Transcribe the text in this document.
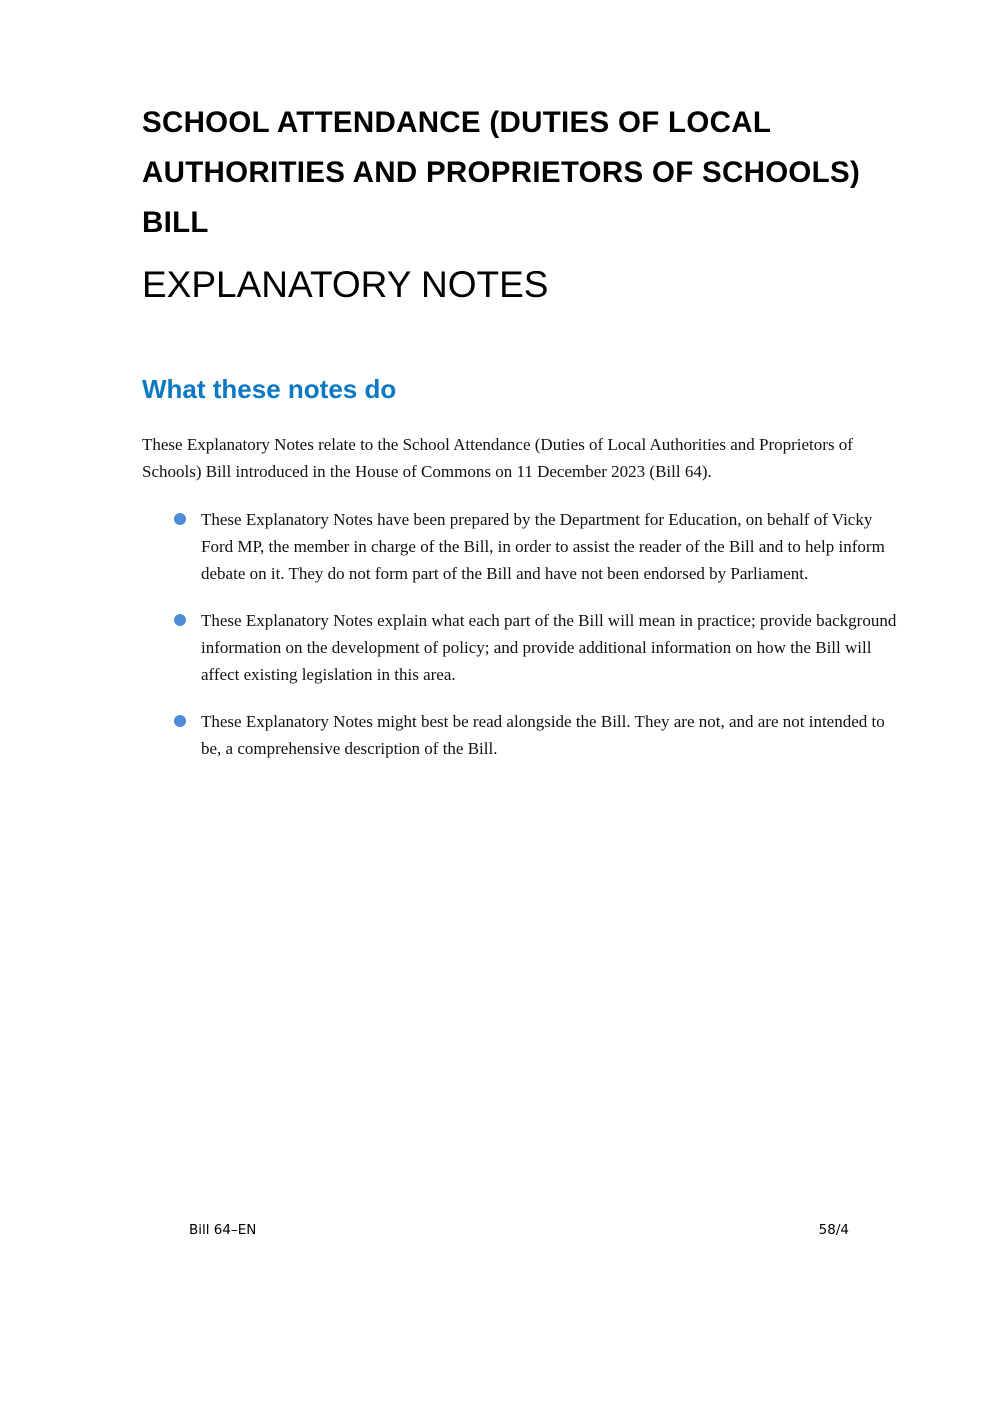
SCHOOL ATTENDANCE (DUTIES OF LOCAL AUTHORITIES AND PROPRIETORS OF SCHOOLS) BILL
EXPLANATORY NOTES
What these notes do

These Explanatory Notes relate to the School Attendance (Duties of Local Authorities and Proprietors of Schools) Bill introduced in the House of Commons on 11 December 2023 (Bill 64).

These Explanatory Notes have been prepared by the Department for Education, on behalf of Vicky Ford MP, the member in charge of the Bill, in order to assist the reader of the Bill and to help inform debate on it. They do not form part of the Bill and have not been endorsed by Parliament.
These Explanatory Notes explain what each part of the Bill will mean in practice; provide background information on the development of policy; and provide additional information on how the Bill will affect existing legislation in this area.
These Explanatory Notes might best be read alongside the Bill. They are not, and are not intended to be, a comprehensive description of the Bill.
Bill 64–EN	58/4
